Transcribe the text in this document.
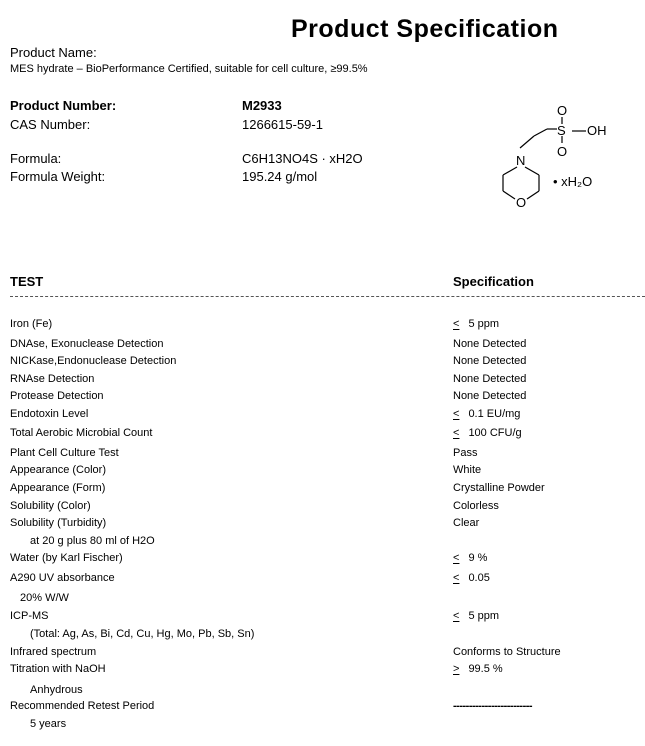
Product Specification
Product Name:
MES hydrate – BioPerformance Certified, suitable for cell culture, ≥99.5%
Product Number:	M2933
CAS Number:	1266615-59-1
Formula:	C6H13NO4S · xH2O
Formula Weight:	195.24 g/mol
O
S
O
OH
N
O
• xH₂O
TEST	Specification
Iron (Fe)	< 5 ppm
DNAse, Exonuclease Detection	None Detected
NICKase,Endonuclease Detection	None Detected
RNAse Detection	None Detected
Protease Detection	None Detected
Endotoxin Level	< 0.1 EU/mg
Total Aerobic Microbial Count	< 100 CFU/g
Plant Cell Culture Test	Pass
Appearance (Color)	White
Appearance (Form)	Crystalline Powder
Solubility (Color)	Colorless
Solubility (Turbidity)	Clear
at 20 g plus 80 ml of H2O
Water (by Karl Fischer)	< 9 %
A290 UV absorbance	< 0.05
20% W/W
ICP-MS	< 5 ppm
(Total: Ag, As, Bi, Cd, Cu, Hg, Mo, Pb, Sb, Sn)
Infrared spectrum	Conforms to Structure
Titration with NaOH	> 99.5 %
Anhydrous
Recommended Retest Period	-------------------------
5 years
